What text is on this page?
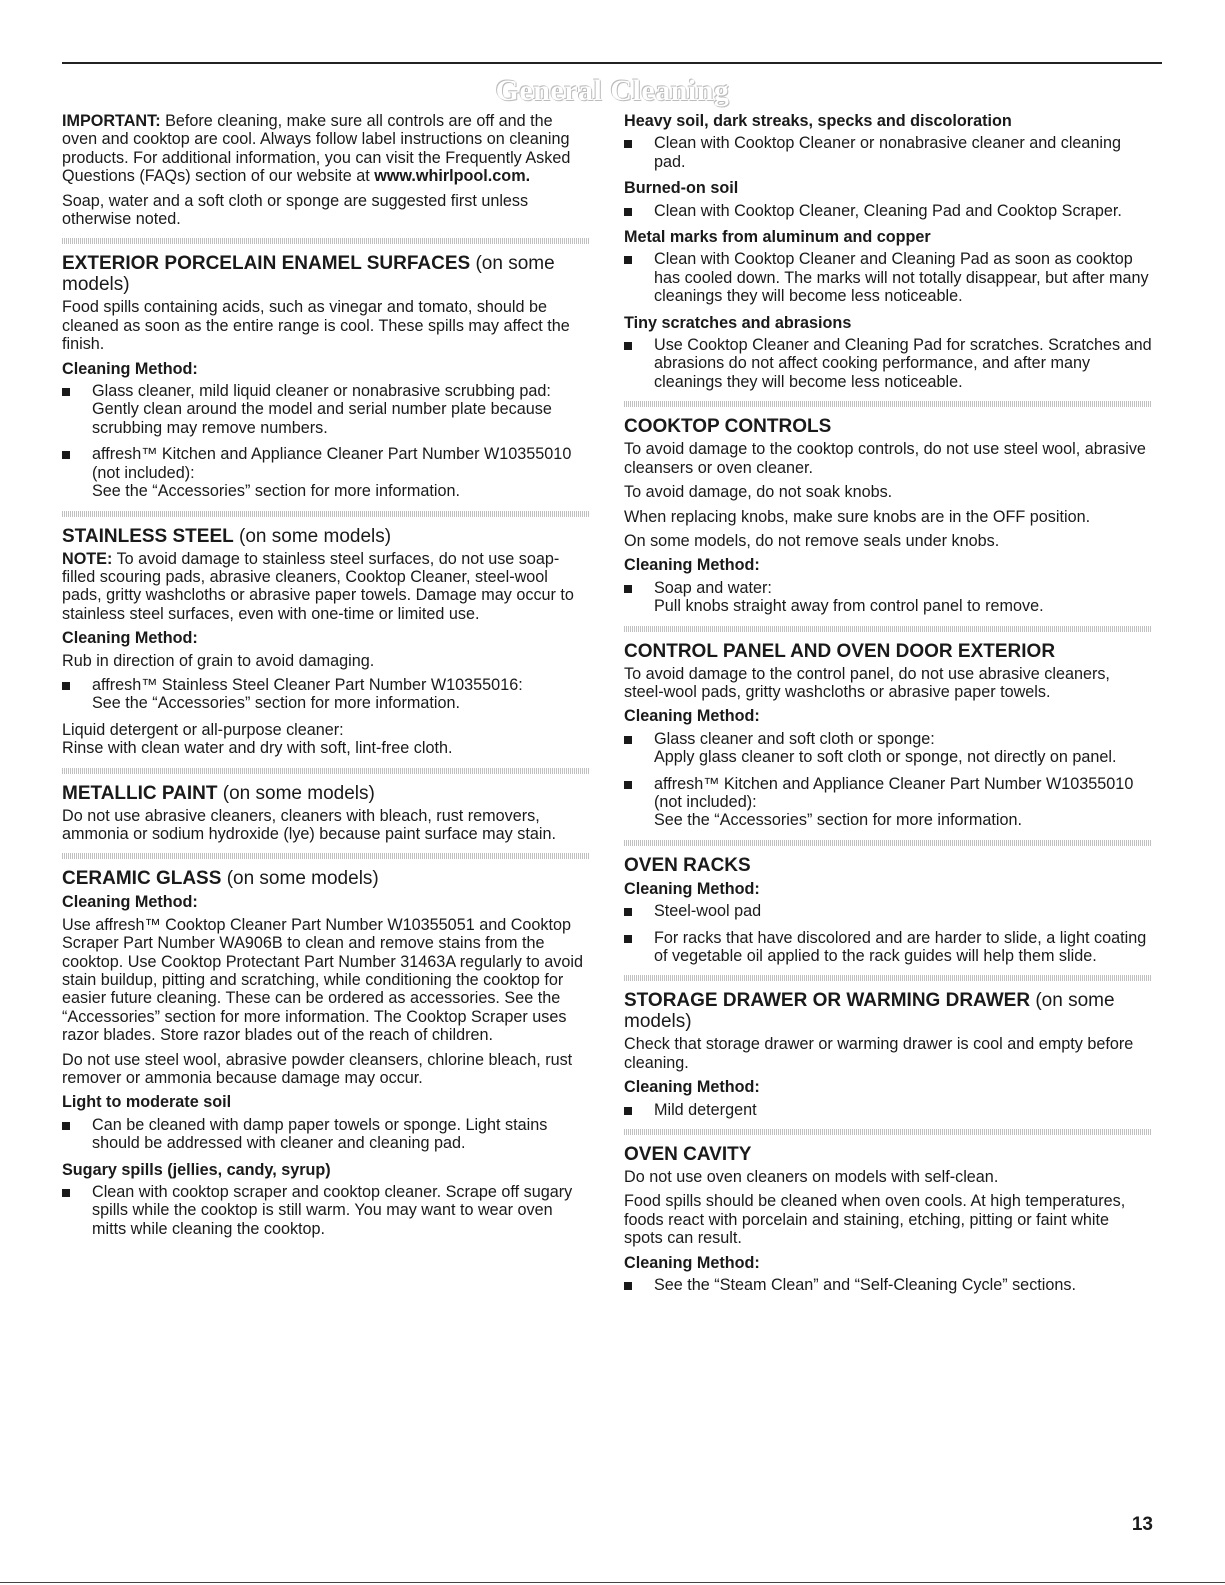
General Cleaning

IMPORTANT: Before cleaning, make sure all controls are off and the oven and cooktop are cool. Always follow label instructions on cleaning products. For additional information, you can visit the Frequently Asked Questions (FAQs) section of our website at www.whirlpool.com.

Soap, water and a soft cloth or sponge are suggested first unless otherwise noted.

EXTERIOR PORCELAIN ENAMEL SURFACES (on some models)

Food spills containing acids, such as vinegar and tomato, should be cleaned as soon as the entire range is cool. These spills may affect the finish.

Cleaning Method:
Glass cleaner, mild liquid cleaner or nonabrasive scrubbing pad:
Gently clean around the model and serial number plate because scrubbing may remove numbers.
affresh™ Kitchen and Appliance Cleaner Part Number W10355010 (not included):
See the “Accessories” section for more information.
STAINLESS STEEL (on some models)

NOTE: To avoid damage to stainless steel surfaces, do not use soap-filled scouring pads, abrasive cleaners, Cooktop Cleaner, steel-wool pads, gritty washcloths or abrasive paper towels. Damage may occur to stainless steel surfaces, even with one-time or limited use.

Cleaning Method:

Rub in direction of grain to avoid damaging.

affresh™ Stainless Steel Cleaner Part Number W10355016:
See the “Accessories” section for more information.

Liquid detergent or all-purpose cleaner:
Rinse with clean water and dry with soft, lint-free cloth.

METALLIC PAINT (on some models)

Do not use abrasive cleaners, cleaners with bleach, rust removers, ammonia or sodium hydroxide (lye) because paint surface may stain.

CERAMIC GLASS (on some models)
Cleaning Method:

Use affresh™ Cooktop Cleaner Part Number W10355051 and Cooktop Scraper Part Number WA906B to clean and remove stains from the cooktop. Use Cooktop Protectant Part Number 31463A regularly to avoid stain buildup, pitting and scratching, while conditioning the cooktop for easier future cleaning. These can be ordered as accessories. See the “Accessories” section for more information. The Cooktop Scraper uses razor blades. Store razor blades out of the reach of children.

Do not use steel wool, abrasive powder cleansers, chlorine bleach, rust remover or ammonia because damage may occur.

Light to moderate soil
Can be cleaned with damp paper towels or sponge. Light stains should be addressed with cleaner and cleaning pad.
Sugary spills (jellies, candy, syrup)
Clean with cooktop scraper and cooktop cleaner. Scrape off sugary spills while the cooktop is still warm. You may want to wear oven mitts while cleaning the cooktop.
Heavy soil, dark streaks, specks and discoloration
Clean with Cooktop Cleaner or nonabrasive cleaner and cleaning pad.
Burned-on soil
Clean with Cooktop Cleaner, Cleaning Pad and Cooktop Scraper.
Metal marks from aluminum and copper
Clean with Cooktop Cleaner and Cleaning Pad as soon as cooktop has cooled down. The marks will not totally disappear, but after many cleanings they will become less noticeable.
Tiny scratches and abrasions
Use Cooktop Cleaner and Cleaning Pad for scratches. Scratches and abrasions do not affect cooking performance, and after many cleanings they will become less noticeable.
COOKTOP CONTROLS

To avoid damage to the cooktop controls, do not use steel wool, abrasive cleansers or oven cleaner.

To avoid damage, do not soak knobs.

When replacing knobs, make sure knobs are in the OFF position.

On some models, do not remove seals under knobs.

Cleaning Method:
Soap and water:
Pull knobs straight away from control panel to remove.
CONTROL PANEL AND OVEN DOOR EXTERIOR

To avoid damage to the control panel, do not use abrasive cleaners, steel-wool pads, gritty washcloths or abrasive paper towels.

Cleaning Method:
Glass cleaner and soft cloth or sponge:
Apply glass cleaner to soft cloth or sponge, not directly on panel.
affresh™ Kitchen and Appliance Cleaner Part Number W10355010 (not included):
See the “Accessories” section for more information.
OVEN RACKS
Cleaning Method:
Steel-wool pad
For racks that have discolored and are harder to slide, a light coating of vegetable oil applied to the rack guides will help them slide.
STORAGE DRAWER OR WARMING DRAWER (on some models)

Check that storage drawer or warming drawer is cool and empty before cleaning.

Cleaning Method:
Mild detergent
OVEN CAVITY

Do not use oven cleaners on models with self-clean.

Food spills should be cleaned when oven cools. At high temperatures, foods react with porcelain and staining, etching, pitting or faint white spots can result.

Cleaning Method:
See the “Steam Clean” and “Self-Cleaning Cycle” sections.
13
